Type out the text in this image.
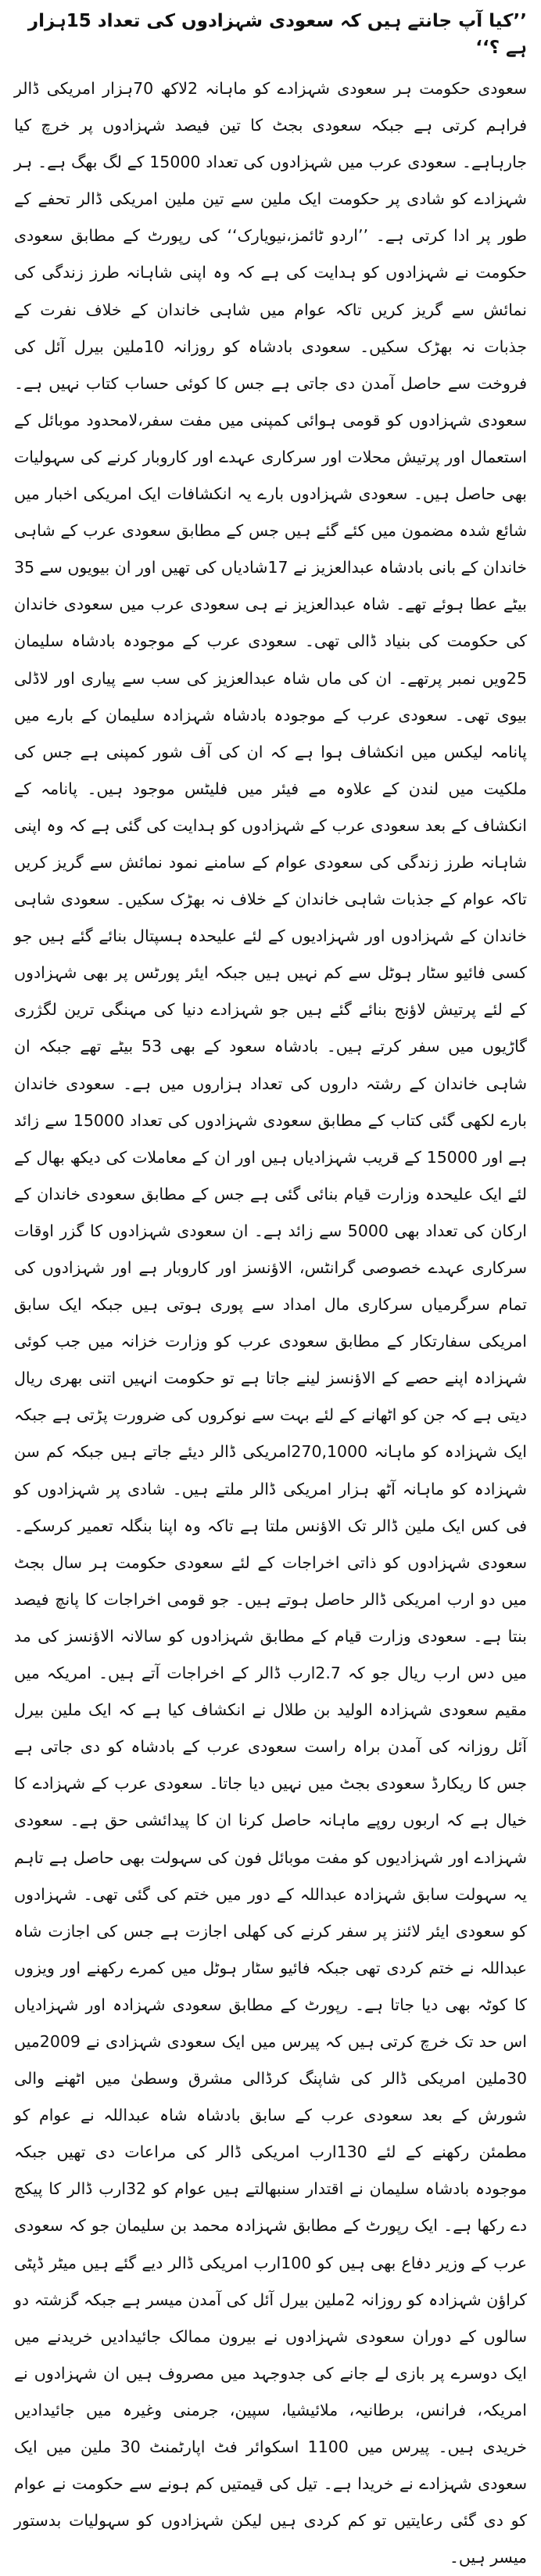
’’کیا آپ جانتے ہیں کہ سعودی شہزادوں کی تعداد 15ہزار ہے ؟‘‘

سعودی حکومت ہر سعودی شہزادے کو ماہانہ 2لاکھ 70ہزار امریکی ڈالر فراہم کرتی ہے جبکہ سعودی بجٹ کا تین فیصد شہزادوں پر خرچ کیا جارہاہے۔ سعودی عرب میں شہزادوں کی تعداد 15000 کے لگ بھگ ہے۔ ہر شہزادے کو شادی پر حکومت ایک ملین سے تین ملین امریکی ڈالر تحفے کے طور پر ادا کرتی ہے۔ ’’اردو ٹائمز،نیویارک‘‘ کی رپورٹ کے مطابق سعودی حکومت نے شہزادوں کو ہدایت کی ہے کہ وہ اپنی شاہانہ طرز زندگی کی نمائش سے گریز کریں تاکہ عوام میں شاہی خاندان کے خلاف نفرت کے جذبات نہ بھڑک سکیں۔ سعودی بادشاہ کو روزانہ 10ملین بیرل آئل کی فروخت سے حاصل آمدن دی جاتی ہے جس کا کوئی حساب کتاب نہیں ہے۔ سعودی شہزادوں کو قومی ہوائی کمپنی میں مفت سفر،لامحدود موبائل کے استعمال اور پرتیش محلات اور سرکاری عہدے اور کاروبار کرنے کی سہولیات بھی حاصل ہیں۔ سعودی شہزادوں بارے یہ انکشافات ایک امریکی اخبار میں شائع شدہ مضمون میں کئے گئے ہیں جس کے مطابق سعودی عرب کے شاہی خاندان کے بانی بادشاہ عبدالعزیز نے 17شادیاں کی تھیں اور ان بیویوں سے 35 بیٹے عطا ہوئے تھے۔ شاہ عبدالعزیز نے ہی سعودی عرب میں سعودی خاندان کی حکومت کی بنیاد ڈالی تھی۔ سعودی عرب کے موجودہ بادشاہ سلیمان 25ویں نمبر پرتھے۔ ان کی ماں شاہ عبدالعزیز کی سب سے پیاری اور لاڈلی بیوی تھی۔ سعودی عرب کے موجودہ بادشاہ شہزادہ سلیمان کے بارے میں پانامہ لیکس میں انکشاف ہوا ہے کہ ان کی آف شور کمپنی ہے جس کی ملکیت میں لندن کے علاوہ مے فیئر میں فلیٹس موجود ہیں۔ پانامہ کے انکشاف کے بعد سعودی عرب کے شہزادوں کو ہدایت کی گئی ہے کہ وہ اپنی شاہانہ طرز زندگی کی سعودی عوام کے سامنے نمود نمائش سے گریز کریں تاکہ عوام کے جذبات شاہی خاندان کے خلاف نہ بھڑک سکیں۔ سعودی شاہی خاندان کے شہزادوں اور شہزادیوں کے لئے علیحدہ ہسپتال بنائے گئے ہیں جو کسی فائیو سٹار ہوٹل سے کم نہیں ہیں جبکہ ایئر پورٹس پر بھی شہزادوں کے لئے پرتیش لاؤنج بنائے گئے ہیں جو شہزادے دنیا کی مہنگی ترین لگژری گاڑیوں میں سفر کرتے ہیں۔ بادشاہ سعود کے بھی 53 بیٹے تھے جبکہ ان شاہی خاندان کے رشتہ داروں کی تعداد ہزاروں میں ہے۔ سعودی خاندان بارے لکھی گئی کتاب کے مطابق سعودی شہزادوں کی تعداد 15000 سے زائد ہے اور 15000 کے قریب شہزادیاں ہیں اور ان کے معاملات کی دیکھ بھال کے لئے ایک علیحدہ وزارت قیام بنائی گئی ہے جس کے مطابق سعودی خاندان کے ارکان کی تعداد بھی 5000 سے زائد ہے۔ ان سعودی شہزادوں کا گزر اوقات سرکاری عہدے خصوصی گرانٹس، الاؤنسز اور کاروبار ہے اور شہزادوں کی تمام سرگرمیاں سرکاری مال امداد سے پوری ہوتی ہیں جبکہ ایک سابق امریکی سفارتکار کے مطابق سعودی عرب کو وزارت خزانہ میں جب کوئی شہزادہ اپنے حصے کے الاؤنسز لینے جاتا ہے تو حکومت انہیں اتنی بھری ریال دیتی ہے کہ جن کو اٹھانے کے لئے بہت سے نوکروں کی ضرورت پڑتی ہے جبکہ ایک شہزادہ کو ماہانہ 270,1000امریکی ڈالر دیئے جاتے ہیں جبکہ کم سن شہزادہ کو ماہانہ آٹھ ہزار امریکی ڈالر ملتے ہیں۔ شادی پر شہزادوں کو فی کس ایک ملین ڈالر تک الاؤنس ملتا ہے تاکہ وہ اپنا بنگلہ تعمیر کرسکے۔ سعودی شہزادوں کو ذاتی اخراجات کے لئے سعودی حکومت ہر سال بجٹ میں دو ارب امریکی ڈالر حاصل ہوتے ہیں۔ جو قومی اخراجات کا پانچ فیصد بنتا ہے۔ سعودی وزارت قیام کے مطابق شہزادوں کو سالانہ الاؤنسز کی مد میں دس ارب ریال جو کہ 2.7ارب ڈالر کے اخراجات آتے ہیں۔ امریکہ میں مقیم سعودی شہزادہ الولید بن طلال نے انکشاف کیا ہے کہ ایک ملین بیرل آئل روزانہ کی آمدن براہ راست سعودی عرب کے بادشاہ کو دی جاتی ہے جس کا ریکارڈ سعودی بجٹ میں نہیں دیا جاتا۔ سعودی عرب کے شہزادے کا خیال ہے کہ اربوں روپے ماہانہ حاصل کرنا ان کا پیدائشی حق ہے۔ سعودی شہزادے اور شہزادیوں کو مفت موبائل فون کی سہولت بھی حاصل ہے تاہم یہ سہولت سابق شہزادہ عبداللہ کے دور میں ختم کی گئی تھی۔ شہزادوں کو سعودی ایئر لائنز پر سفر کرنے کی کھلی اجازت ہے جس کی اجازت شاہ عبداللہ نے ختم کردی تھی جبکہ فائیو سٹار ہوٹل میں کمرے رکھنے اور ویزوں کا کوٹہ بھی دیا جاتا ہے۔ رپورٹ کے مطابق سعودی شہزادہ اور شہزادیاں اس حد تک خرچ کرتی ہیں کہ پیرس میں ایک سعودی شہزادی نے 2009میں 30ملین امریکی ڈالر کی شاپنگ کرڈالی مشرق وسطیٰ میں اٹھنے والی شورش کے بعد سعودی عرب کے سابق بادشاہ شاہ عبداللہ نے عوام کو مطمئن رکھنے کے لئے 130ارب امریکی ڈالر کی مراعات دی تھیں جبکہ موجودہ بادشاہ سلیمان نے اقتدار سنبھالتے ہیں عوام کو 32ارب ڈالر کا پیکج دے رکھا ہے۔ ایک رپورٹ کے مطابق شہزادہ محمد بن سلیمان جو کہ سعودی عرب کے وزیر دفاع بھی ہیں کو 100ارب امریکی ڈالر دیے گئے ہیں میٹر ڈپٹی کراؤن شہزادہ کو روزانہ 2ملین بیرل آئل کی آمدن میسر ہے جبکہ گزشتہ دو سالوں کے دوران سعودی شہزادوں نے بیرون ممالک جائیدادیں خریدنے میں ایک دوسرے پر بازی لے جانے کی جدوجہد میں مصروف ہیں ان شہزادوں نے امریکہ، فرانس، برطانیہ، ملائیشیا، سپین، جرمنی وغیرہ میں جائیدادیں خریدی ہیں۔ پیرس میں 1100 اسکوائر فٹ اپارٹمنٹ 30 ملین میں ایک سعودی شہزادے نے خریدا ہے۔ تیل کی قیمتیں کم ہونے سے حکومت نے عوام کو دی گئی رعایتیں تو کم کردی ہیں لیکن شہزادوں کو سہولیات بدستور میسر ہیں۔
